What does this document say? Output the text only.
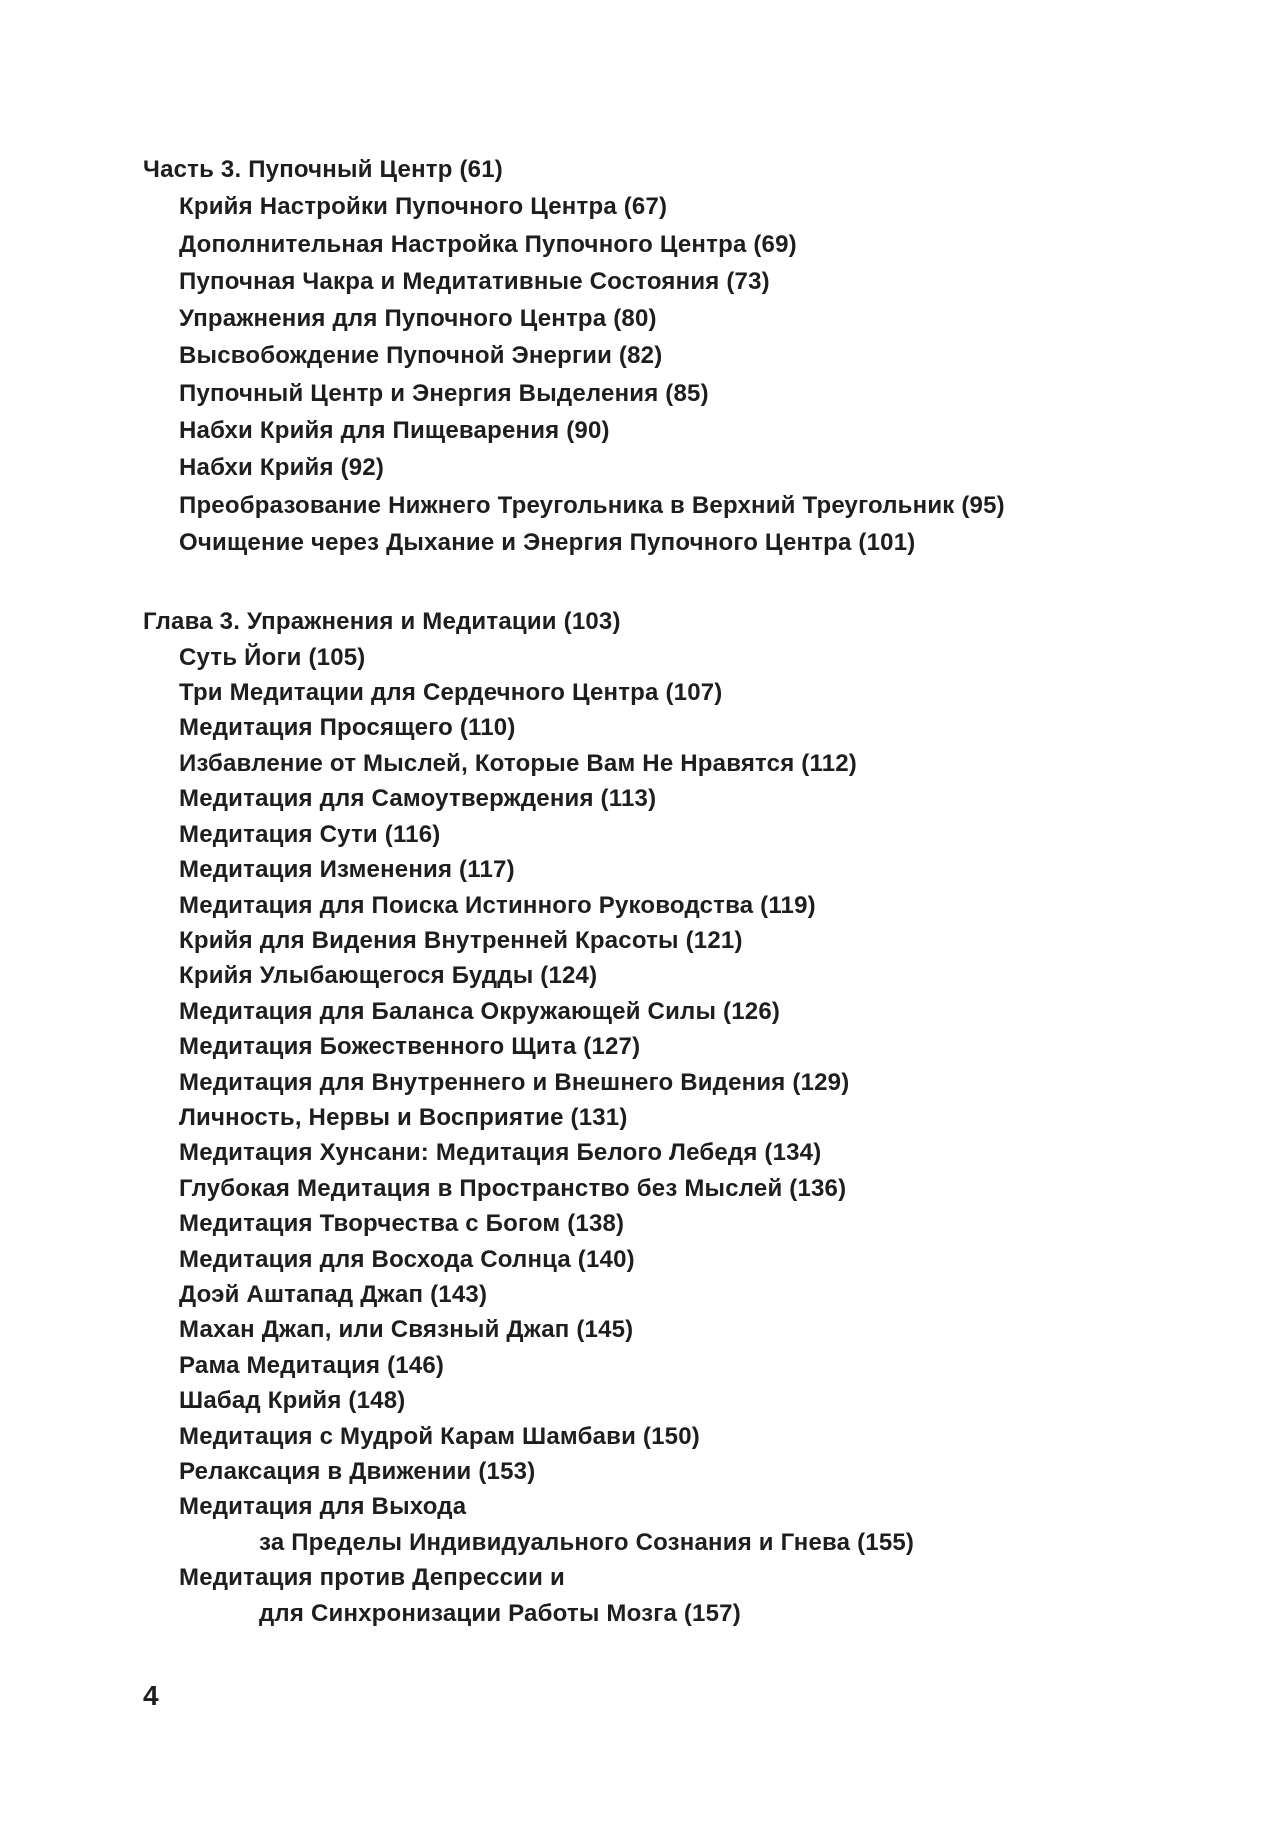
Часть 3. Пупочный Центр (61)
Крийя Настройки Пупочного Центра (67)
Дополнительная Настройка Пупочного Центра (69)
Пупочная Чакра и Медитативные Состояния (73)
Упражнения для Пупочного Центра (80)
Высвобождение Пупочной Энергии (82)
Пупочный Центр и Энергия Выделения (85)
Набхи Крийя для Пищеварения (90)
Набхи Крийя (92)
Преобразование Нижнего Треугольника в Верхний Треугольник (95)
Очищение через Дыхание и Энергия Пупочного Центра (101)
Глава 3. Упражнения и Медитации (103)
Суть Йоги (105)
Три Медитации для Сердечного Центра (107)
Медитация Просящего (110)
Избавление от Мыслей, Которые Вам Не Нравятся (112)
Медитация для Самоутверждения (113)
Медитация Сути (116)
Медитация Изменения (117)
Медитация для Поиска Истинного Руководства (119)
Крийя для Видения Внутренней Красоты (121)
Крийя Улыбающегося Будды (124)
Медитация для Баланса Окружающей Силы (126)
Медитация Божественного Щита (127)
Медитация для Внутреннего и Внешнего Видения (129)
Личность, Нервы и Восприятие (131)
Медитация Хунсани: Медитация Белого Лебедя (134)
Глубокая Медитация в Пространство без Мыслей (136)
Медитация Творчества с Богом (138)
Медитация для Восхода Солнца (140)
Доэй Аштапад Джап (143)
Махан Джап, или Связный Джап (145)
Рама Медитация (146)
Шабад Крийя (148)
Медитация с Мудрой Карам Шамбави (150)
Релаксация в Движении (153)
Медитация для Выхода
за Пределы Индивидуального Сознания и Гнева (155)
Медитация против Депрессии и
для Синхронизации Работы Мозга (157)
4
